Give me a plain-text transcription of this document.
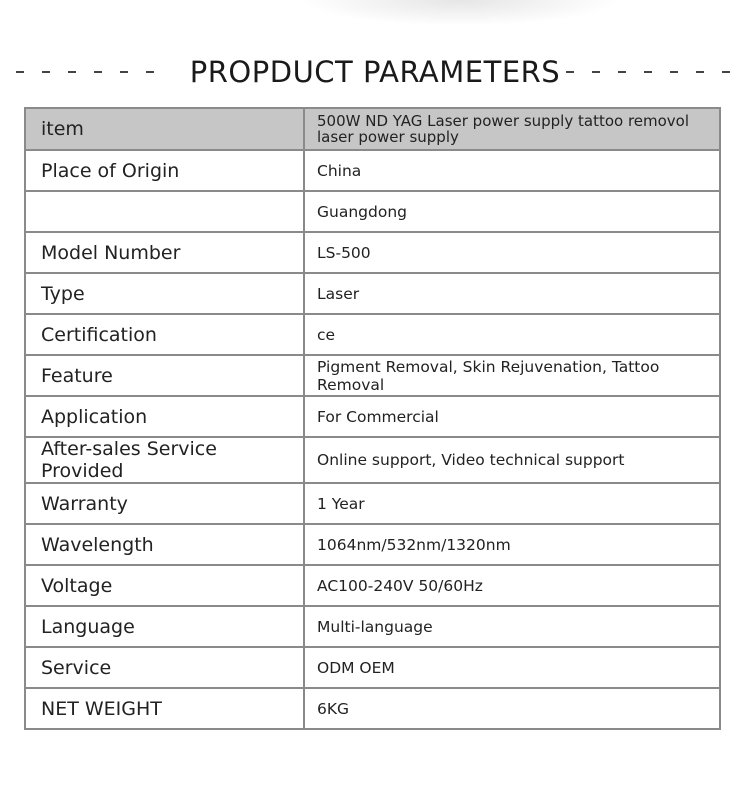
PROPDUCT PARAMETERS
item	500W ND YAG Laser power supply tattoo removol laser power supply
Place of Origin	China
	Guangdong
Model Number	LS-500
Type	Laser
Certification	ce
Feature	Pigment Removal, Skin Rejuvenation, Tattoo Removal
Application	For Commercial
After-sales Service Provided	Online support, Video technical support
Warranty	1 Year
Wavelength	1064nm/532nm/1320nm
Voltage	AC100-240V 50/60Hz
Language	Multi-language
Service	ODM OEM
NET WEIGHT	6KG
